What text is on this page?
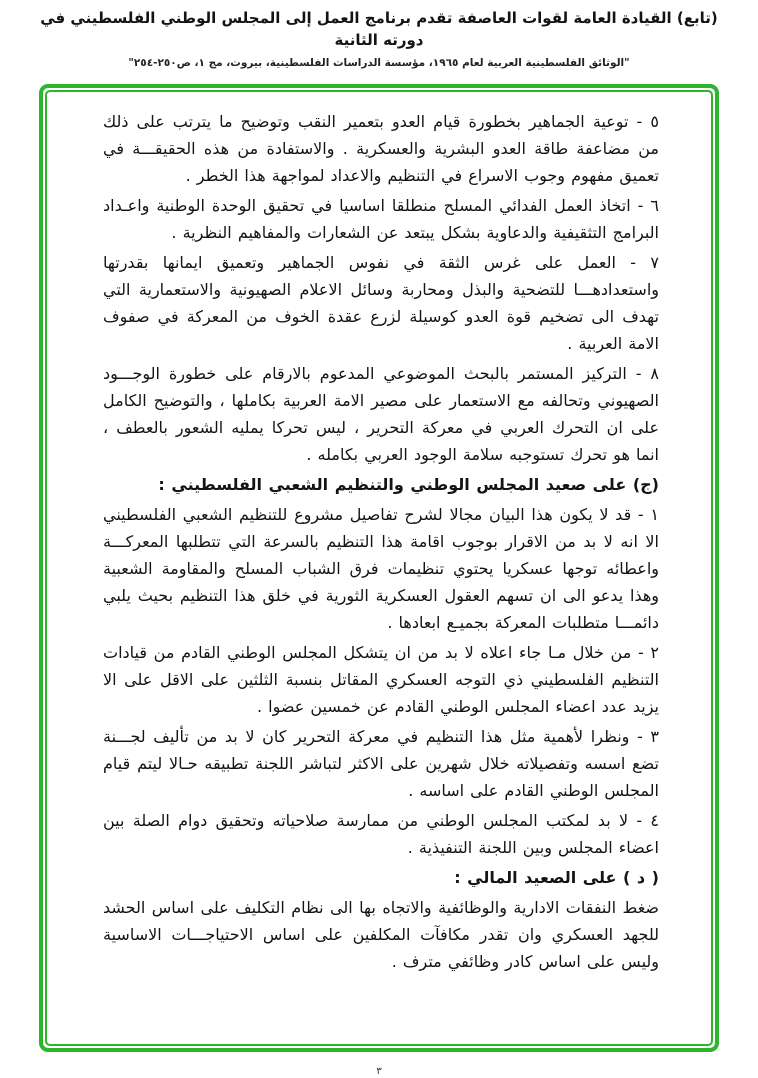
(تابع) القيادة العامة لقوات العاصفة تقدم برنامج العمل إلى المجلس الوطني الفلسطيني في دورته الثانية
"الوثائق الفلسطينية العربية لعام ١٩٦٥، مؤسسة الدراسات الفلسطينية، بيروت، مج ١، ص٢٥٠-٢٥٤"
٥ - توعية الجماهير بخطورة قيام العدو بتعمير النقب وتوضيح ما يترتب على ذلك من مضاعفة طاقة العدو البشرية والعسكرية . والاستفادة من هذه الحقيقـــة في تعميق مفهوم وجوب الاسراع في التنظيم والاعداد لمواجهة هذا الخطر .
٦ - اتخاذ العمل الفدائي المسلح منطلقا اساسيا في تحقيق الوحدة الوطنية واعـداد البرامج التثقيفية والدعاوية بشكل يبتعد عن الشعارات والمفاهيم النظرية .
٧ - العمل على غرس الثقة في نفوس الجماهير وتعميق ايمانها بقدرتها واستعدادهـــا للتضحية والبذل ومحاربة وسائل الاعلام الصهيونية والاستعمارية التي تهدف الى تضخيم قوة العدو كوسيلة لزرع عقدة الخوف من المعركة في صفوف الامة العربية .
٨ - التركيز المستمر بالبحث الموضوعي المدعوم بالارقام على خطورة الوجـــود الصهيوني وتحالفه مع الاستعمار على مصير الامة العربية بكاملها ، والتوضيح الكامل على ان التحرك العربي في معركة التحرير ، ليس تحركا يمليه الشعور بالعطف ، انما هو تحرك تستوجبه سلامة الوجود العربي بكامله .
(ج) على صعيد المجلس الوطني والتنظيم الشعبي الفلسطيني :
١ - قد لا يكون هذا البيان مجالا لشرح تفاصيل مشروع للتنظيم الشعبي الفلسطيني الا انه لا بد من الاقرار بوجوب اقامة هذا التنظيم بالسرعة التي تتطلبها المعركـــة واعطائه توجها عسكريا يحتوي تنظيمات فرق الشباب المسلح والمقاومة الشعبية وهذا يدعو الى ان تسهم العقول العسكرية الثورية في خلق هذا التنظيم بحيث يلبي دائمـــا متطلبات المعركة بجميـع ابعادها .
٢ - من خلال مـا جاء اعلاه لا بد من ان يتشكل المجلس الوطني القادم من قيادات التنظيم الفلسطيني ذي التوجه العسكري المقاتل بنسبة الثلثين على الاقل على الا يزيد عدد اعضاء المجلس الوطني القادم عن خمسين عضوا .
٣ - ونظرا لأهمية مثل هذا التنظيم في معركة التحرير كان لا بد من تأليف لجـــنة تضع اسسه وتفصيلاته خلال شهرين على الاكثر لتباشر اللجنة تطبيقه حـالا ليتم قيام المجلس الوطني القادم على اساسه .
٤ - لا بد لمكتب المجلس الوطني من ممارسة صلاحياته وتحقيق دوام الصلة بين اعضاء المجلس وبين اللجنة التنفيذية .
( د ) على الصعيد المالي :
ضغط النفقات الادارية والوظائفية والاتجاه بها الى نظام التكليف على اساس الحشد للجهد العسكري وان تقدر مكافآت المكلفين على اساس الاحتياجـــات الاساسية وليس على اساس كادر وظائفي مترف .
٣
